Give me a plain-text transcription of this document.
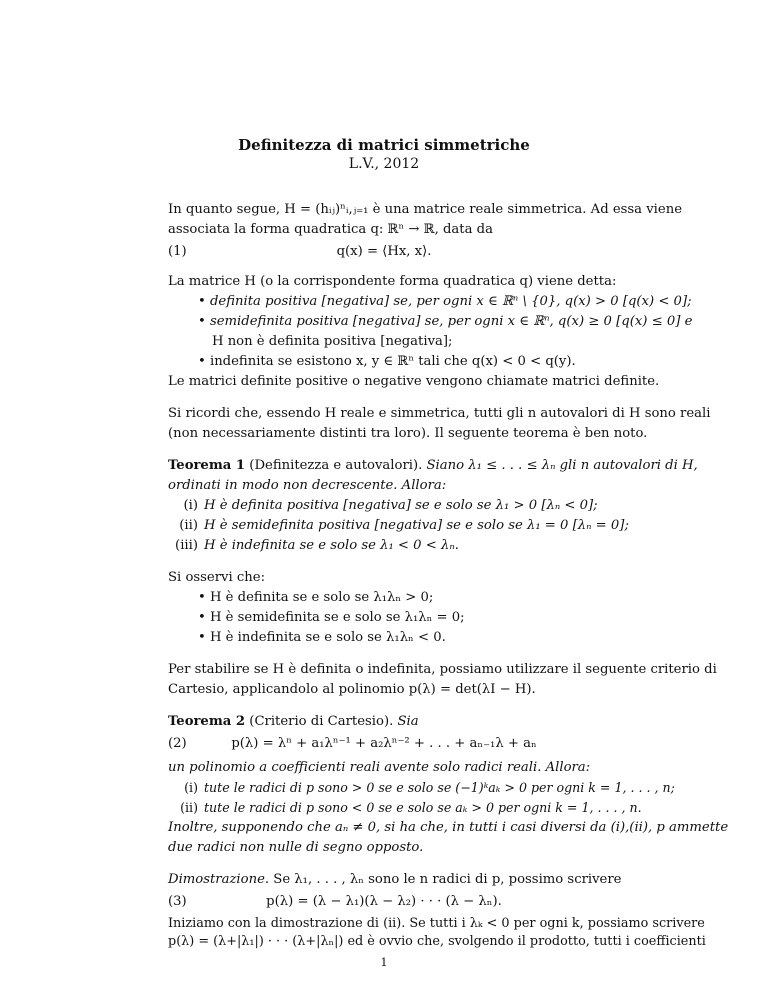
Definitezza di matrici simmetriche
L.V., 2012
In quanto segue, H = (hᵢⱼ)ⁿᵢ,ⱼ₌₁ è una matrice reale simmetrica. Ad essa viene
associata la forma quadratica q: ℝⁿ → ℝ, data da
(1)	q(x) = ⟨Hx, x⟩.
La matrice H (o la corrispondente forma quadratica q) viene detta:
• definita positiva [negativa] se, per ogni x ∈ ℝⁿ \ {0}, q(x) > 0 [q(x) < 0];
• semidefinita positiva [negativa] se, per ogni x ∈ ℝⁿ, q(x) ≥ 0 [q(x) ≤ 0] e
H non è definita positiva [negativa];
• indefinita se esistono x, y ∈ ℝⁿ tali che q(x) < 0 < q(y).
Le matrici definite positive o negative vengono chiamate matrici definite.
Si ricordi che, essendo H reale e simmetrica, tutti gli n autovalori di H sono reali
(non necessariamente distinti tra loro). Il seguente teorema è ben noto.
Teorema 1 (Definitezza e autovalori). Siano λ₁ ≤ . . . ≤ λₙ gli n autovalori di H,
ordinati in modo non decrescente. Allora:
(i) H è definita positiva [negativa] se e solo se λ₁ > 0 [λₙ < 0];
(ii) H è semidefinita positiva [negativa] se e solo se λ₁ = 0 [λₙ = 0];
(iii) H è indefinita se e solo se λ₁ < 0 < λₙ.
Si osservi che:
• H è definita se e solo se λ₁λₙ > 0;
• H è semidefinita se e solo se λ₁λₙ = 0;
• H è indefinita se e solo se λ₁λₙ < 0.
Per stabilire se H è definita o indefinita, possiamo utilizzare il seguente criterio di
Cartesio, applicandolo al polinomio p(λ) = det(λI − H).
Teorema 2 (Criterio di Cartesio). Sia
(2)	p(λ) = λⁿ + a₁λⁿ⁻¹ + a₂λⁿ⁻² + . . . + aₙ₋₁λ + aₙ
un polinomio a coefficienti reali avente solo radici reali. Allora:
(i) tute le radici di p sono > 0 se e solo se (−1)ᵏaₖ > 0 per ogni k = 1, . . . , n;
(ii) tute le radici di p sono < 0 se e solo se aₖ > 0 per ogni k = 1, . . . , n.
Inoltre, supponendo che aₙ ≠ 0, si ha che, in tutti i casi diversi da (i),(ii), p ammette
due radici non nulle di segno opposto.
Dimostrazione. Se λ₁, . . . , λₙ sono le n radici di p, possimo scrivere
(3)	p(λ) = (λ − λ₁)(λ − λ₂) · · · (λ − λₙ).
Iniziamo con la dimostrazione di (ii). Se tutti i λₖ < 0 per ogni k, possiamo scrivere
p(λ) = (λ+|λ₁|) · · · (λ+|λₙ|) ed è ovvio che, svolgendo il prodotto, tutti i coefficienti
1
